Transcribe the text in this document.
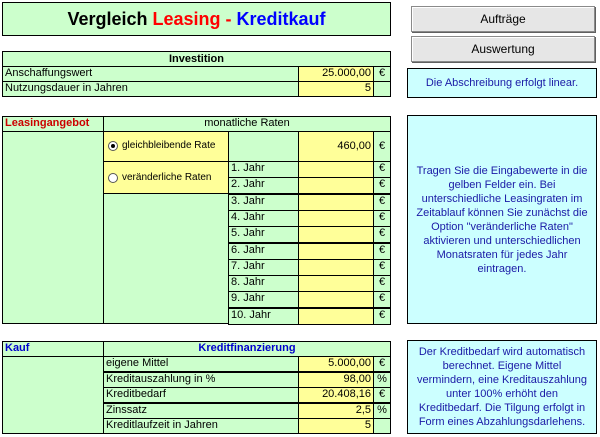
Vergleich Leasing - Kreditkauf	Aufträge
Auswertung
Investition
Anschaffungswert	25.000,00 €
Nutzungsdauer in Jahren	5	Die Abschreibung erfolgt linear.
Leasingangebot	monatliche Raten
gleichbleibende Rate	460,00 €
veränderliche Raten
1. Jahr	€
2. Jahr	€
3. Jahr	€
4. Jahr	€
5. Jahr	€
6. Jahr	€
7. Jahr	€
8. Jahr	€
9. Jahr	€
10. Jahr	€
Tragen Sie die Eingabewerte in die gelben Felder ein. Bei unterschiedliche Leasingraten im Zeitablauf können Sie zunächst die Option "veränderliche Raten" aktivieren und unterschiedlichen Monatsraten für jedes Jahr eintragen.
Kauf	Kreditfinanzierung
eigene Mittel	5.000,00 €
Kreditauszahlung in %	98,00 %
Kreditbedarf	20.408,16 €
Zinssatz	2,5 %
Kreditlaufzeit in Jahren	5
Der Kreditbedarf wird automatisch berechnet. Eigene Mittel vermindern, eine Kreditauszahlung unter 100% erhöht den Kreditbedarf. Die Tilgung erfolgt in Form eines Abzahlungsdarlehens.
